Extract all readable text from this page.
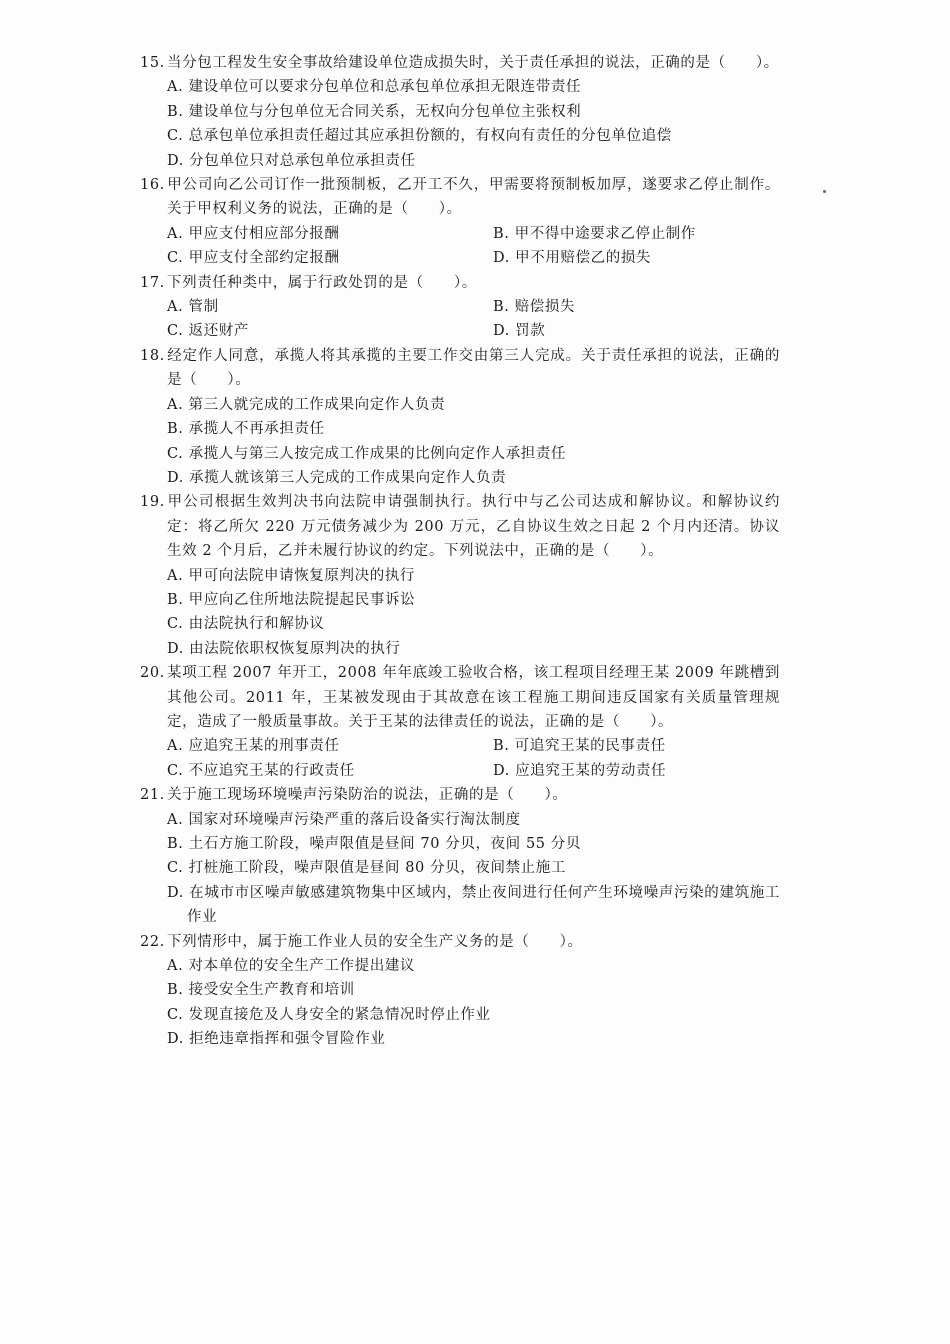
15. 当分包工程发生安全事故给建设单位造成损失时，关于责任承担的说法，正确的是（　　）。

A. 建设单位可以要求分包单位和总承包单位承担无限连带责任

B. 建设单位与分包单位无合同关系，无权向分包单位主张权利

C. 总承包单位承担责任超过其应承担份额的，有权向有责任的分包单位追偿

D. 分包单位只对总承包单位承担责任

16. 甲公司向乙公司订作一批预制板，乙开工不久，甲需要将预制板加厚，遂要求乙停止制作。关于甲权利义务的说法，正确的是（　　）。

A. 甲应支付相应部分报酬	B. 甲不得中途要求乙停止制作

C. 甲应支付全部约定报酬	D. 甲不用赔偿乙的损失

17. 下列责任种类中，属于行政处罚的是（　　）。

A. 管制	B. 赔偿损失

C. 返还财产	D. 罚款

18. 经定作人同意，承揽人将其承揽的主要工作交由第三人完成。关于责任承担的说法，正确的是（　　）。

A. 第三人就完成的工作成果向定作人负责

B. 承揽人不再承担责任

C. 承揽人与第三人按完成工作成果的比例向定作人承担责任

D. 承揽人就该第三人完成的工作成果向定作人负责

19. 甲公司根据生效判决书向法院申请强制执行。执行中与乙公司达成和解协议。和解协议约定：将乙所欠 220 万元债务减少为 200 万元，乙自协议生效之日起 2 个月内还清。协议生效 2 个月后，乙并未履行协议的约定。下列说法中，正确的是（　　）。

A. 甲可向法院申请恢复原判决的执行

B. 甲应向乙住所地法院提起民事诉讼

C. 由法院执行和解协议

D. 由法院依职权恢复原判决的执行

20. 某项工程 2007 年开工，2008 年年底竣工验收合格，该工程项目经理王某 2009 年跳槽到其他公司。2011 年，王某被发现由于其故意在该工程施工期间违反国家有关质量管理规定，造成了一般质量事故。关于王某的法律责任的说法，正确的是（　　）。

A. 应追究王某的刑事责任	B. 可追究王某的民事责任

C. 不应追究王某的行政责任	D. 应追究王某的劳动责任

21. 关于施工现场环境噪声污染防治的说法，正确的是（　　）。

A. 国家对环境噪声污染严重的落后设备实行淘汰制度

B. 土石方施工阶段，噪声限值是昼间 70 分贝，夜间 55 分贝

C. 打桩施工阶段，噪声限值是昼间 80 分贝，夜间禁止施工

D. 在城市市区噪声敏感建筑物集中区域内，禁止夜间进行任何产生环境噪声污染的建筑施工作业

22. 下列情形中，属于施工作业人员的安全生产义务的是（　　）。

A. 对本单位的安全生产工作提出建议

B. 接受安全生产教育和培训

C. 发现直接危及人身安全的紧急情况时停止作业

D. 拒绝违章指挥和强令冒险作业
